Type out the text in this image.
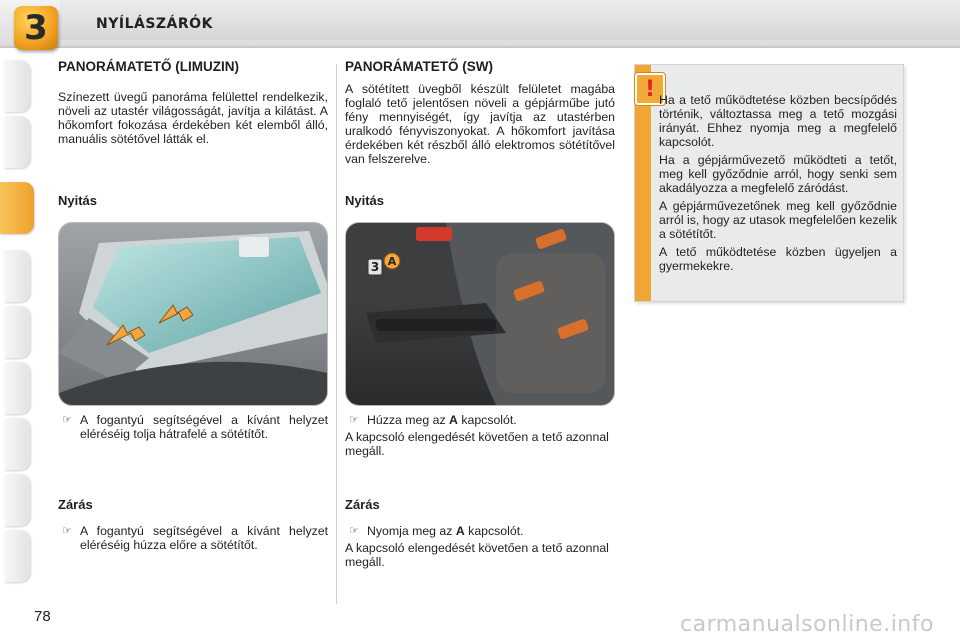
3	NYÍLÁSZÁRÓK
PANORÁMATETŐ (LIMUZIN)

Színezett üvegű panoráma felülettel rendelkezik, növeli az utastér világosságát, javítja a kilátást. A hőkomfort fokozása érdekében két elemből álló, manuális sötétővel látták el.

Nyitás
☞ A fogantyú segítségével a kívánt helyzet eléréséig tolja hátrafelé a sötétítőt.
Zárás
☞ A fogantyú segítségével a kívánt helyzet eléréséig húzza előre a sötétítőt.
PANORÁMATETŐ (SW)

A sötétített üvegből készült felületet magába foglaló tető jelentősen növeli a gépjárműbe jutó fény mennyiségét, így javítja az utastérben uralkodó fényviszonyokat. A hőkomfort javítása érdekében két részből álló elektromos sötétítővel van felszerelve.

Nyitás
3 A
☞ Húzza meg az A kapcsolót.

A kapcsoló elengedését követően a tető azonnal megáll.

Zárás
☞ Nyomja meg az A kapcsolót.

A kapcsoló elengedését követően a tető azonnal megáll.

! Ha a tető működtetése közben becsípődés történik, változtassa meg a tető mozgási irányát. Ehhez nyomja meg a megfelelő kapcsolót.

Ha a gépjárművezető működteti a tetőt, meg kell győződnie arról, hogy senki sem akadályozza a megfelelő záródást.

A gépjárművezetőnek meg kell győződnie arról is, hogy az utasok megfelelően kezelik a sötétítőt.

A tető működtetése közben ügyeljen a gyermekekre.

78	carmanualsonline.info
